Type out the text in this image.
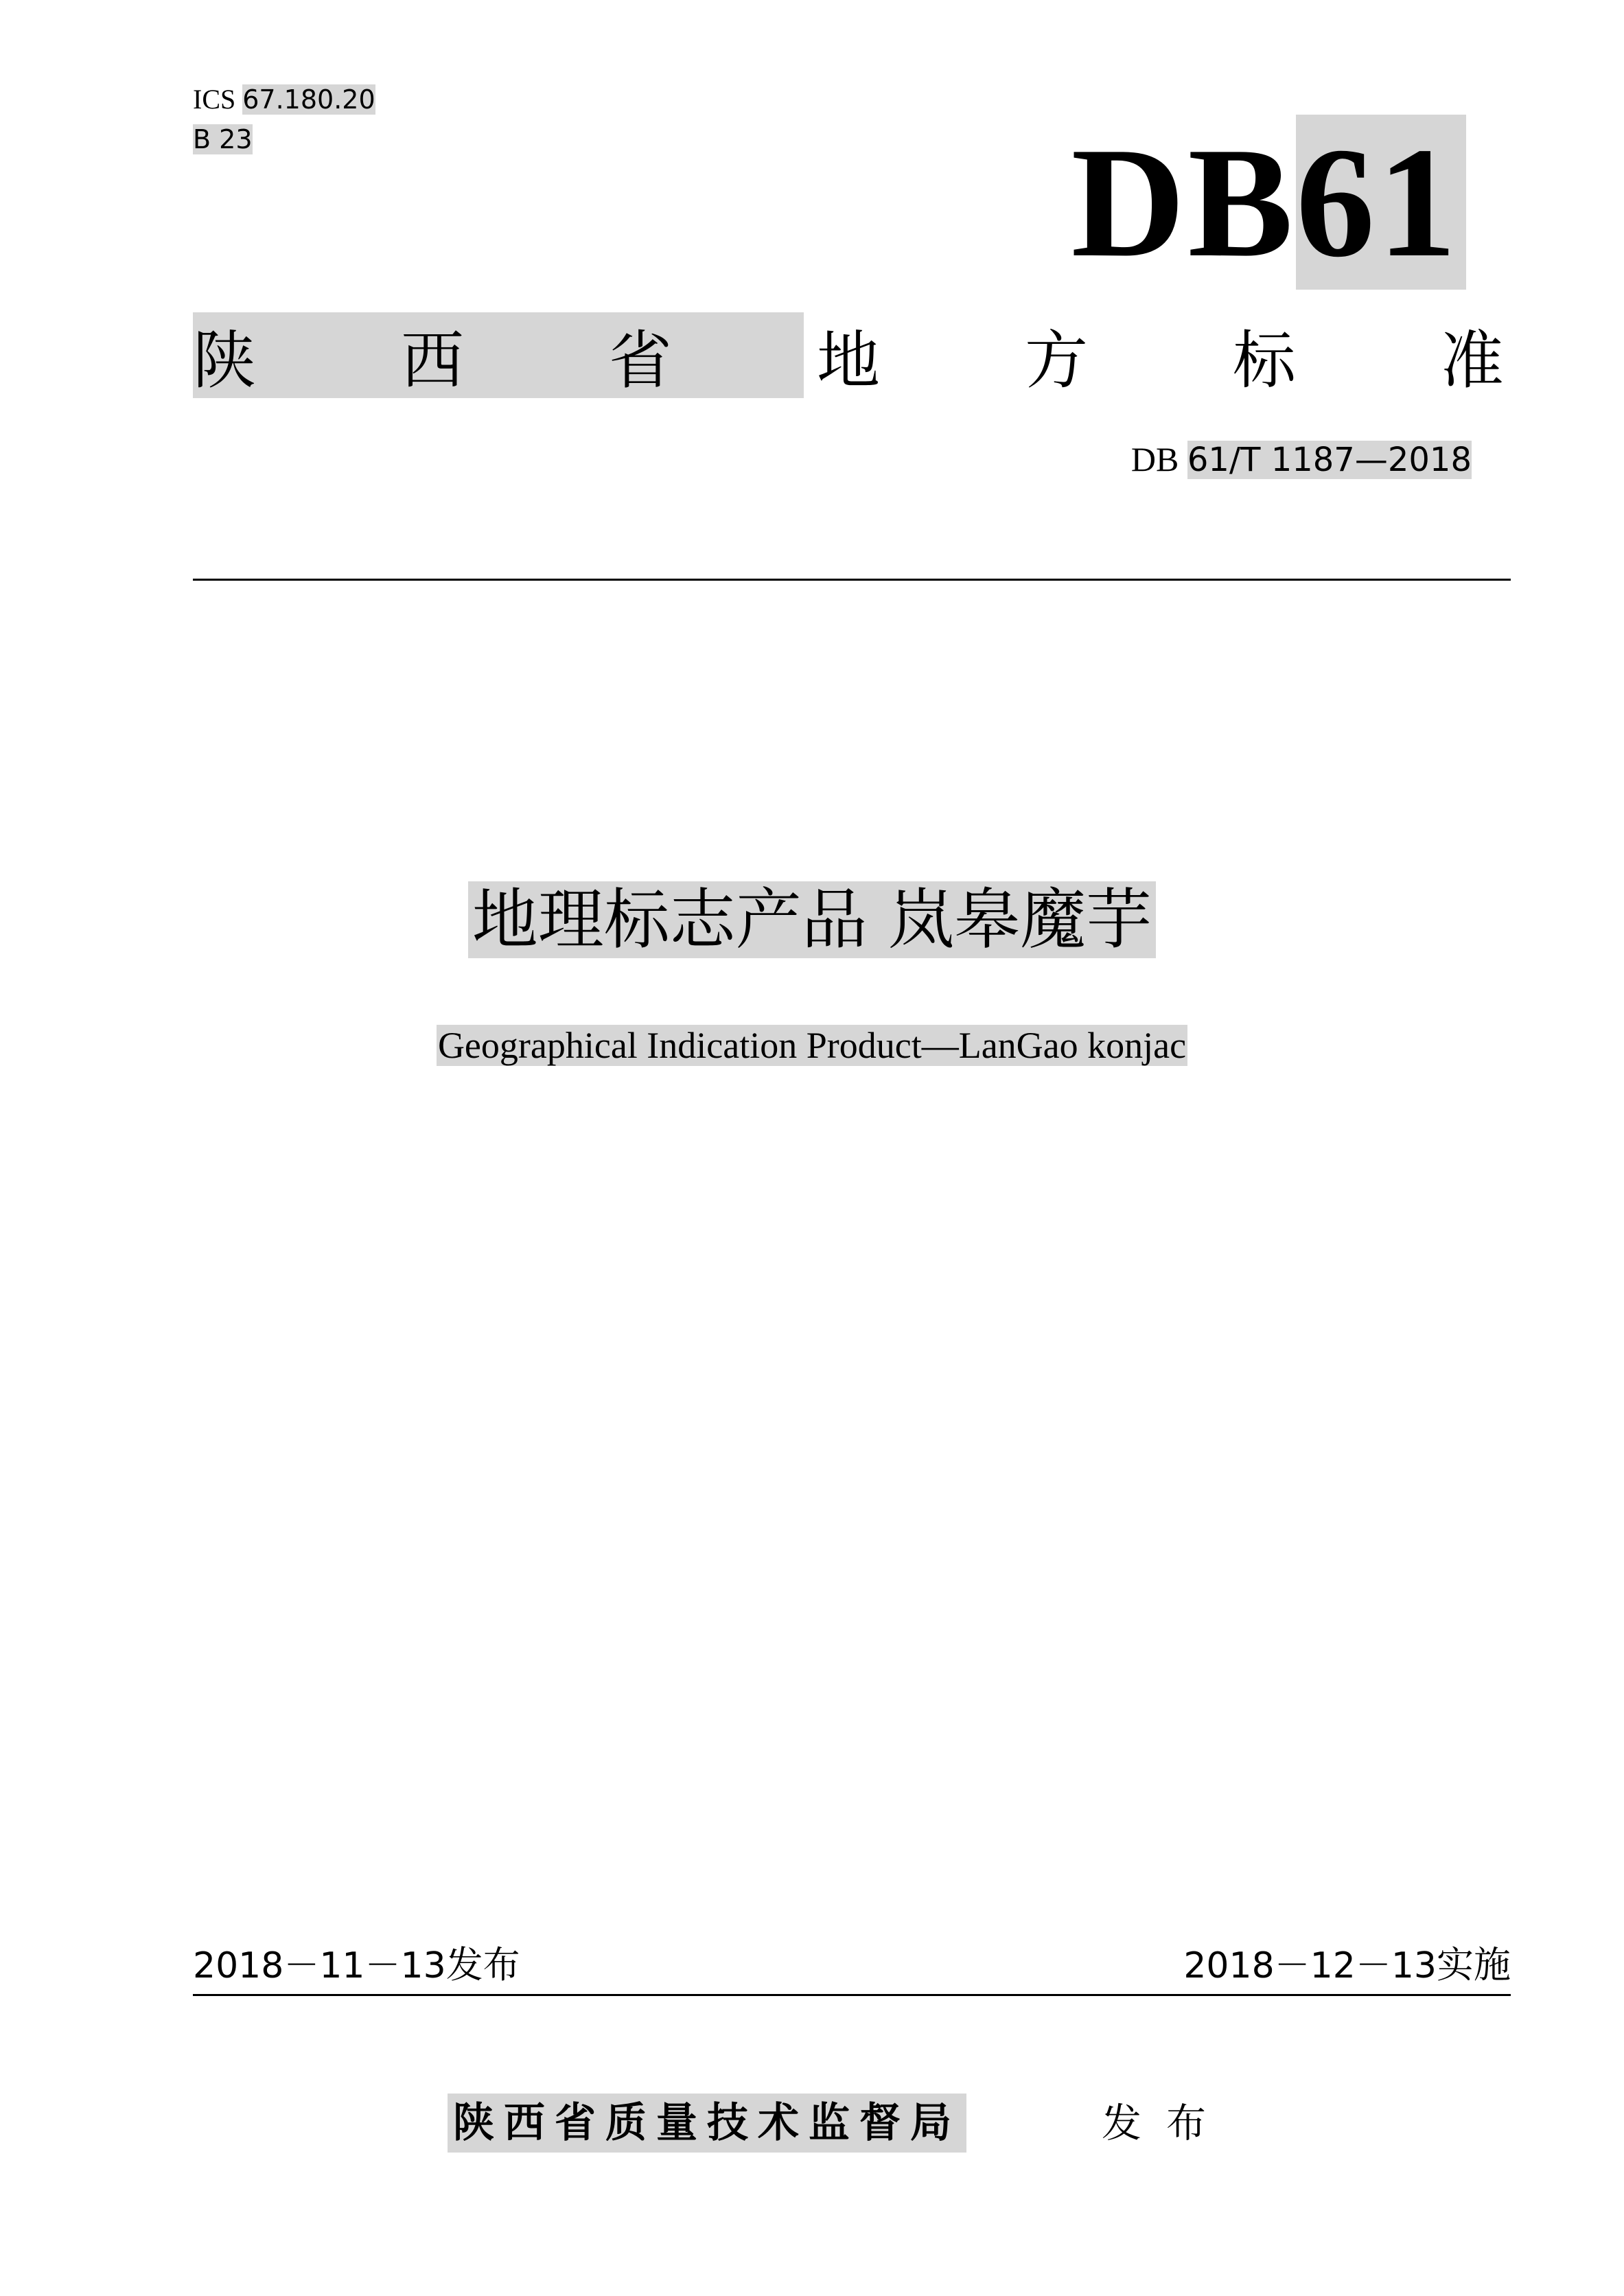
ICS 67.180.20
B 23	DB61
陕 西 省 地 方 标 准
DB 61/T 1187—2018
地理标志产品 岚皋魔芋
Geographical Indication Product—LanGao konjac
2018－11－13发布	2018－12－13实施
陕西省质量技术监督局	发布
